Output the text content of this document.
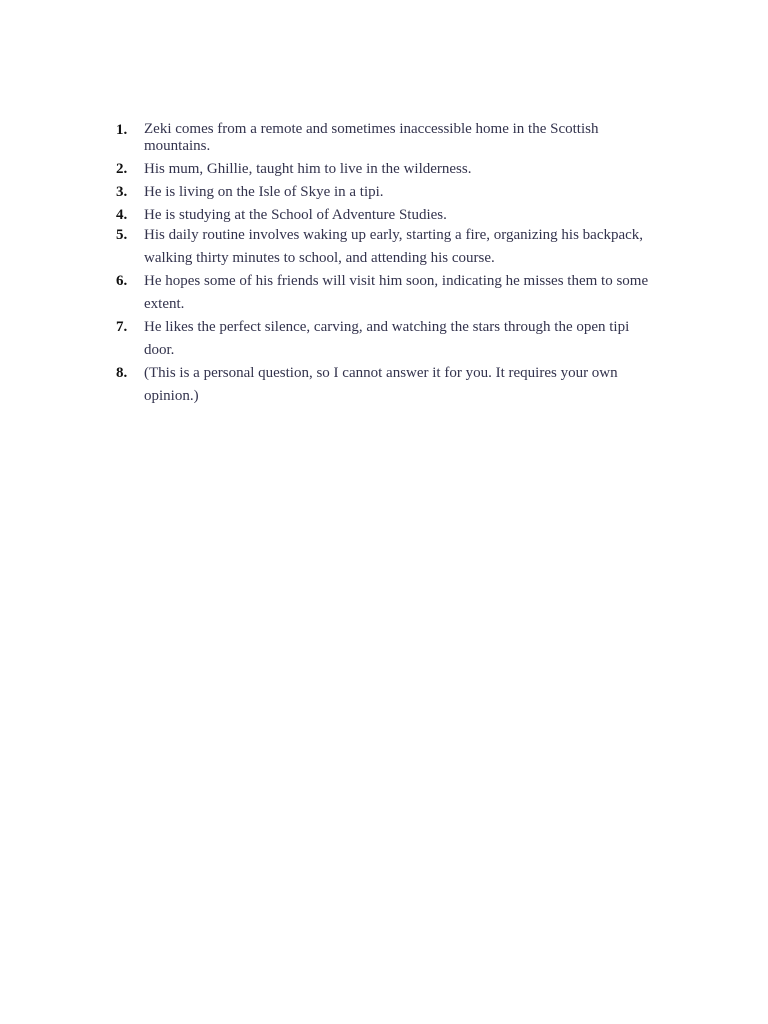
1.	Zeki comes from a remote and sometimes inaccessible home in the Scottish mountains.
2.	His mum, Ghillie, taught him to live in the wilderness.
3.	He is living on the Isle of Skye in a tipi.
4.	He is studying at the School of Adventure Studies.
5.	His daily routine involves waking up early, starting a fire, organizing his backpack, walking thirty minutes to school, and attending his course.
6.	He hopes some of his friends will visit him soon, indicating he misses them to some extent.
7.	He likes the perfect silence, carving, and watching the stars through the open tipi door.
8.	(This is a personal question, so I cannot answer it for you. It requires your own opinion.)
